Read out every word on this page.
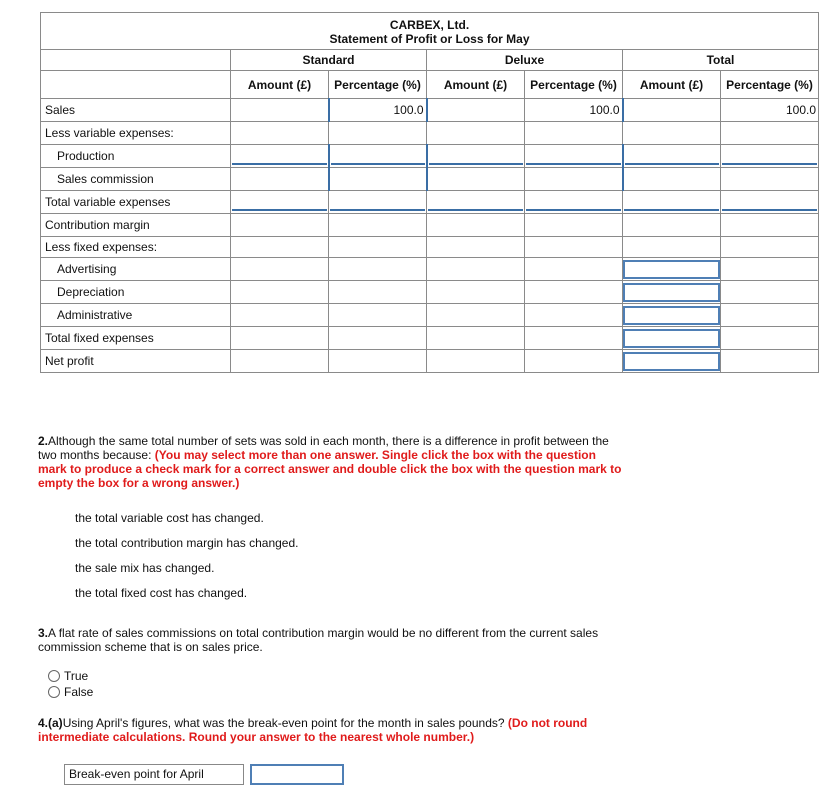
CARBEX, Ltd.
Statement of Profit or Loss for May						

	Standard		Deluxe		Total	
	Amount (£)	Percentage (%)	Amount (£)	Percentage (%)	Amount (£)	Percentage (%)
Sales		100.0		100.0		100.0
Less variable expenses:						
Production	

Sales commission						
Total variable expenses	

Contribution margin						
Less fixed expenses:						
Advertising					

Depreciation					

Administrative					

Total fixed expenses					

Net profit					

2.Although the same total number of sets was sold in each month, there is a difference in profit between the two months because: (You may select more than one answer. Single click the box with the question mark to produce a check mark for a correct answer and double click the box with the question mark to empty the box for a wrong answer.)
the total variable cost has changed.
the total contribution margin has changed.
the sale mix has changed.
the total fixed cost has changed.
3.A flat rate of sales commissions on total contribution margin would be no different from the current sales commission scheme that is on sales price.
True
False
4.(a)Using April's figures, what was the break-even point for the month in sales pounds? (Do not round intermediate calculations. Round your answer to the nearest whole number.)
Break-even point for April
